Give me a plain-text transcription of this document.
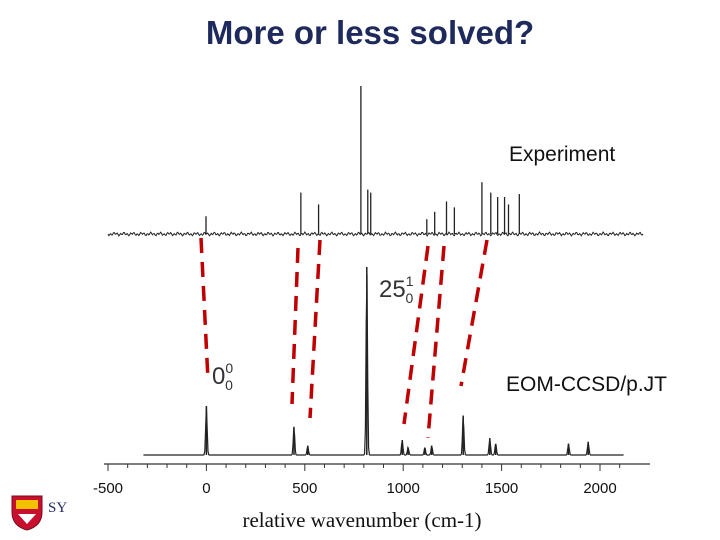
More or less solved?
-500	0	500	1000	1500	2000
relative wavenumber (cm-1)
$0^0$ 0
$25^1$ 0
Experiment
EOM-CCSD/p.JT
SY
